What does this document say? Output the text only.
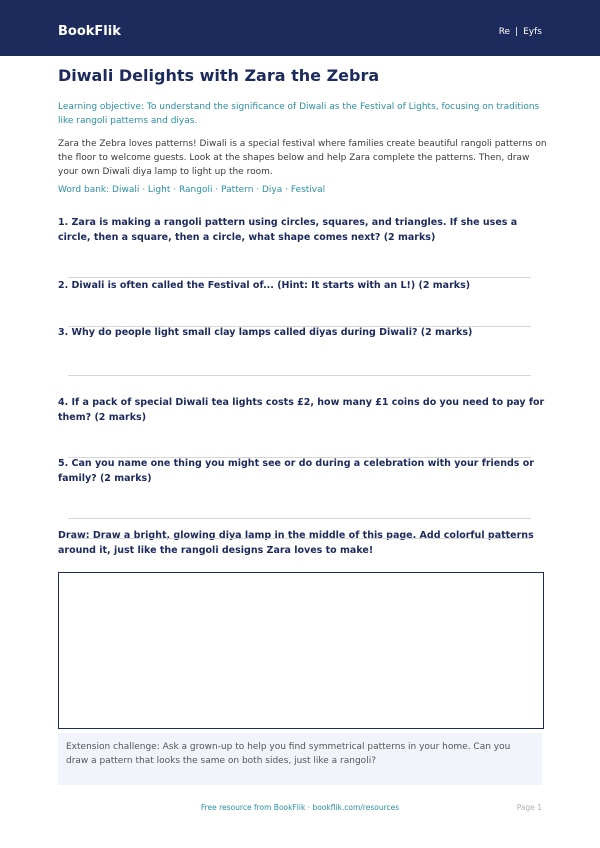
BookFlik	Re | Eyfs
Diwali Delights with Zara the Zebra
Learning objective: To understand the significance of Diwali as the Festival of Lights, focusing on traditions like rangoli patterns and diyas.
Zara the Zebra loves patterns! Diwali is a special festival where families create beautiful rangoli patterns on the floor to welcome guests. Look at the shapes below and help Zara complete the patterns. Then, draw your own Diwali diya lamp to light up the room.
Word bank: Diwali · Light · Rangoli · Pattern · Diya · Festival
1. Zara is making a rangoli pattern using circles, squares, and triangles. If she uses a circle, then a square, then a circle, what shape comes next? (2 marks)
2. Diwali is often called the Festival of... (Hint: It starts with an L!) (2 marks)
3. Why do people light small clay lamps called diyas during Diwali? (2 marks)
4. If a pack of special Diwali tea lights costs £2, how many £1 coins do you need to pay for them? (2 marks)
5. Can you name one thing you might see or do during a celebration with your friends or family? (2 marks)
Draw: Draw a bright, glowing diya lamp in the middle of this page. Add colorful patterns around it, just like the rangoli designs Zara loves to make!
Extension challenge: Ask a grown-up to help you find symmetrical patterns in your home. Can you draw a pattern that looks the same on both sides, just like a rangoli?
Free resource from BookFlik · bookflik.com/resources	Page 1
